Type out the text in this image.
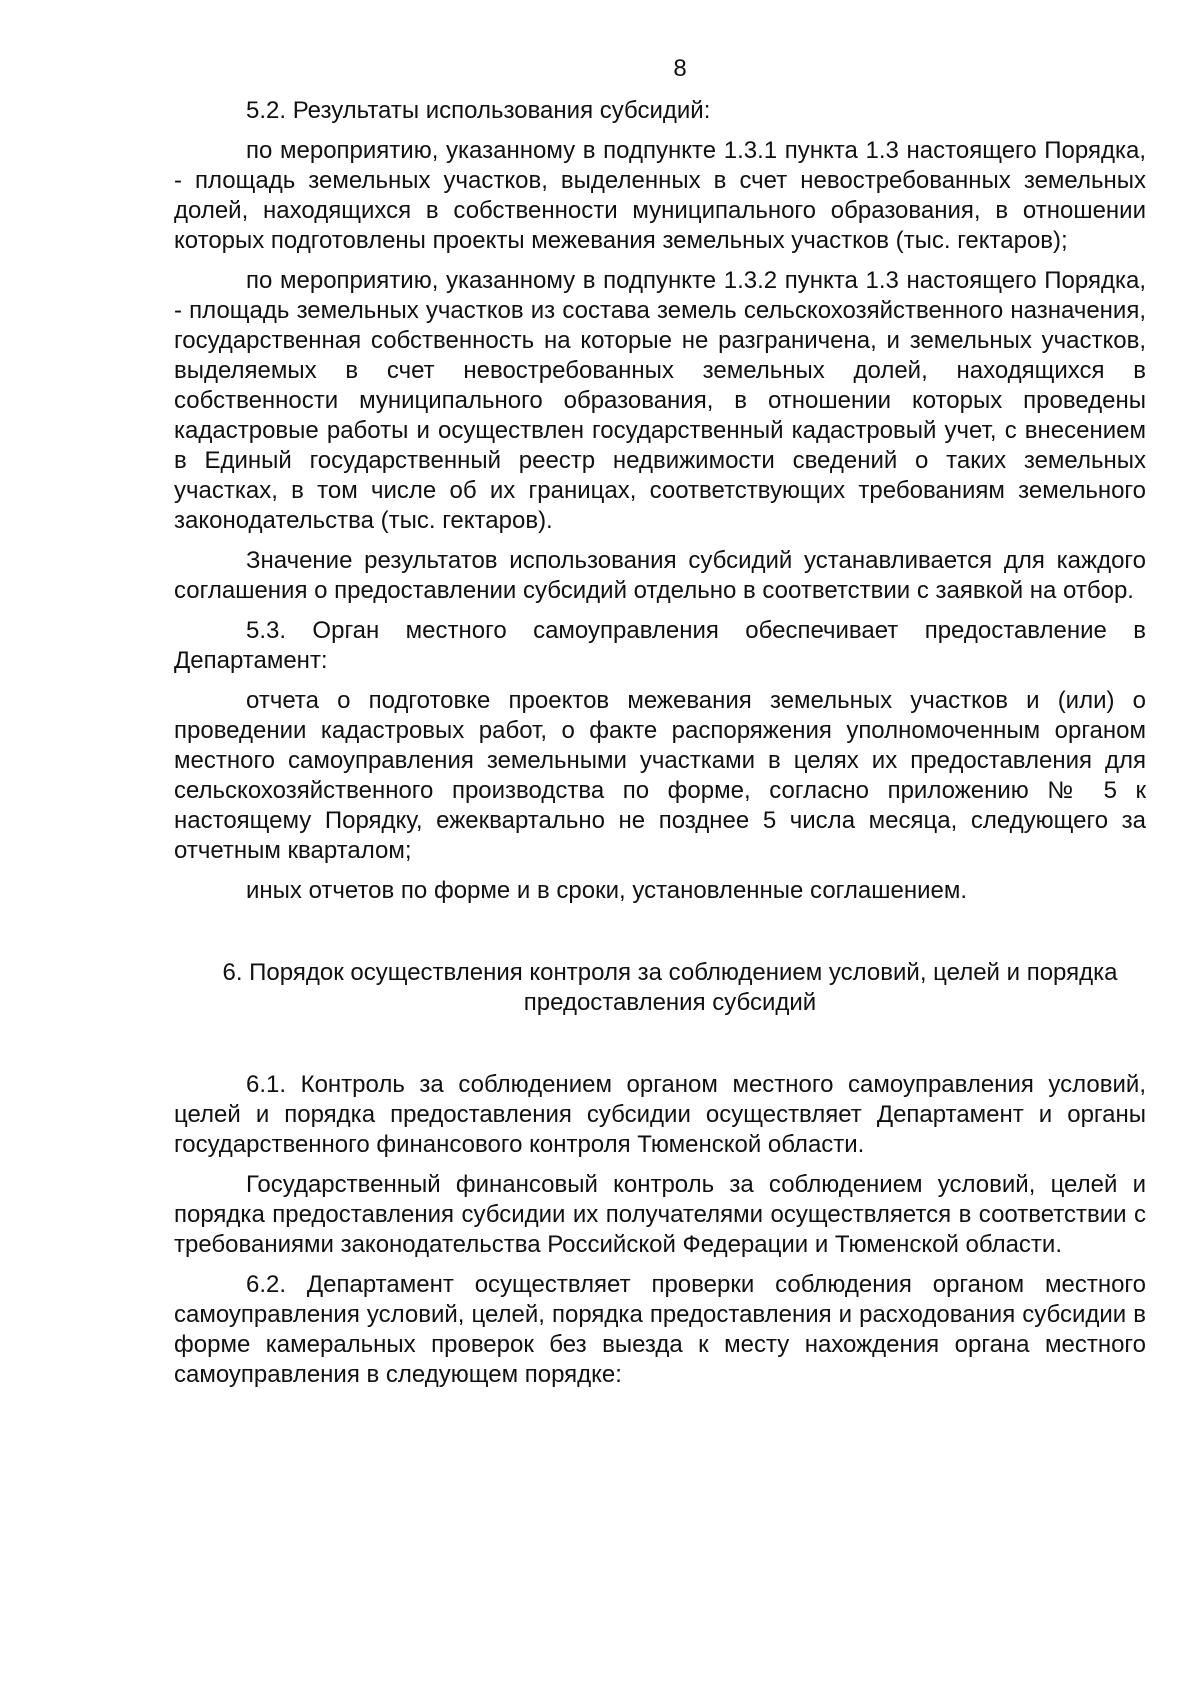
8

5.2. Результаты использования субсидий:

по мероприятию, указанному в подпункте 1.3.1 пункта 1.3 настоящего Порядка, - площадь земельных участков, выделенных в счет невостребованных земельных долей, находящихся в собственности муниципального образования, в отношении которых подготовлены проекты межевания земельных участков (тыс. гектаров);

по мероприятию, указанному в подпункте 1.3.2 пункта 1.3 настоящего Порядка, - площадь земельных участков из состава земель сельскохозяйственного назначения, государственная собственность на которые не разграничена, и земельных участков, выделяемых в счет невостребованных земельных долей, находящихся в собственности муниципального образования, в отношении которых проведены кадастровые работы и осуществлен государственный кадастровый учет, с внесением в Единый государственный реестр недвижимости сведений о таких земельных участках, в том числе об их границах, соответствующих требованиям земельного законодательства (тыс. гектаров).

Значение результатов использования субсидий устанавливается для каждого соглашения о предоставлении субсидий отдельно в соответствии с заявкой на отбор.

5.3. Орган местного самоуправления обеспечивает предоставление в Департамент:

отчета о подготовке проектов межевания земельных участков и (или) о проведении кадастровых работ, о факте распоряжения уполномоченным органом местного самоуправления земельными участками в целях их предоставления для сельскохозяйственного производства по форме, согласно приложению № 5 к настоящему Порядку, ежеквартально не позднее 5 числа месяца, следующего за отчетным кварталом;

иных отчетов по форме и в сроки, установленные соглашением.

6. Порядок осуществления контроля за соблюдением условий, целей и порядка предоставления субсидий

6.1. Контроль за соблюдением органом местного самоуправления условий, целей и порядка предоставления субсидии осуществляет Департамент и органы государственного финансового контроля Тюменской области.

Государственный финансовый контроль за соблюдением условий, целей и порядка предоставления субсидии их получателями осуществляется в соответствии с требованиями законодательства Российской Федерации и Тюменской области.

6.2. Департамент осуществляет проверки соблюдения органом местного самоуправления условий, целей, порядка предоставления и расходования субсидии в форме камеральных проверок без выезда к месту нахождения органа местного самоуправления в следующем порядке:
